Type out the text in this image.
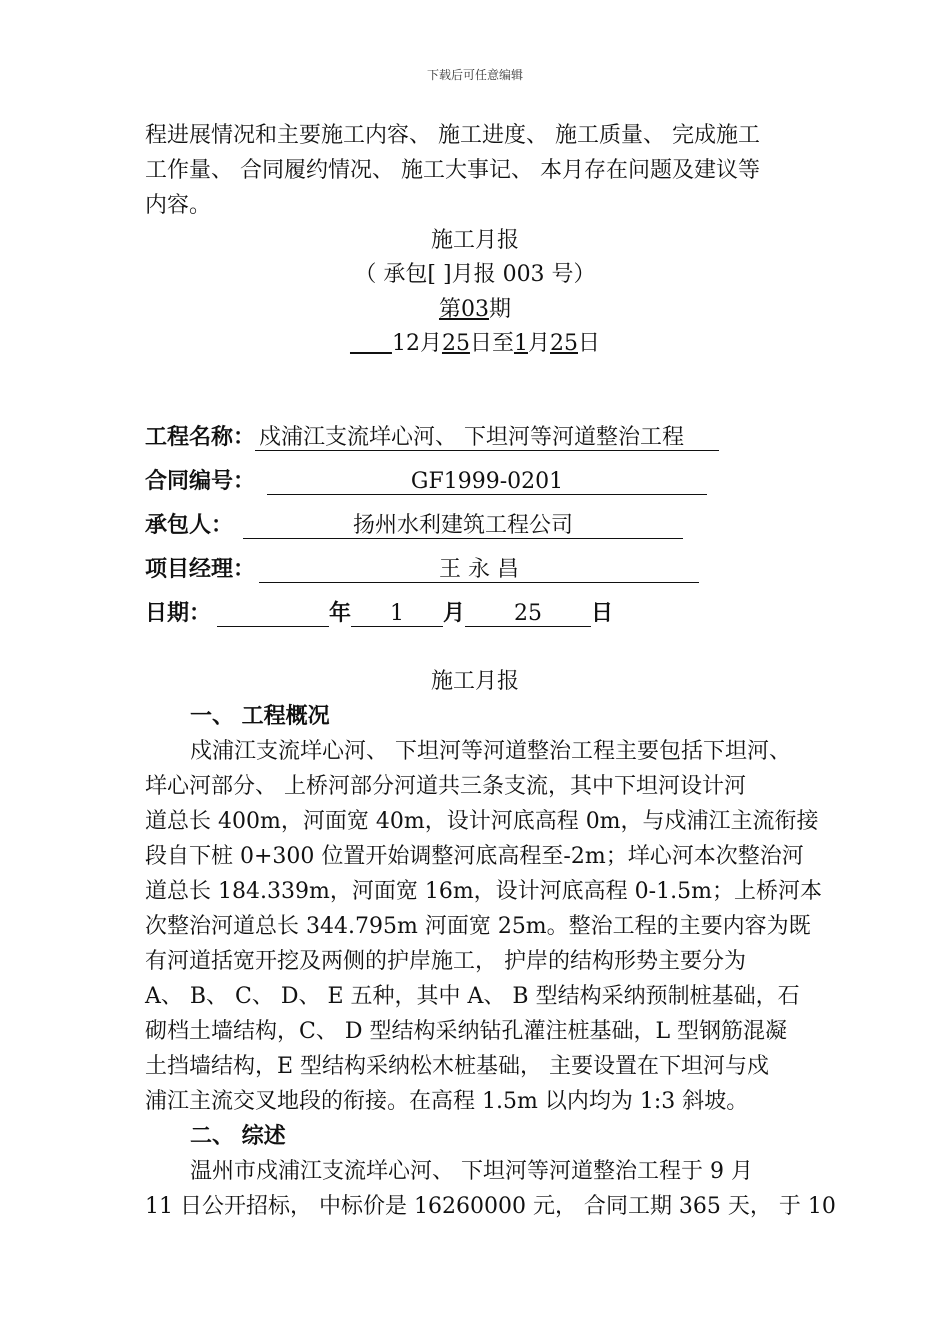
下载后可任意编辑
程进展情况和主要施工内容、 施工进度、 施工质量、 完成施工
工作量、 合同履约情况、 施工大事记、 本月存在问题及建议等
内容。
施工月报
（ 承包[ ]月报 003 号）
第03期
12月25日至1月25日
工程名称： 戍浦江支流垟心河、 下坦河等河道整治工程
合同编号：	GF1999-0201
承包人：	扬州水利建筑工程公司
项目经理：	王 永 昌
日期：	年 1 月 25 日
施工月报
一、 工程概况
戍浦江支流垟心河、 下坦河等河道整治工程主要包括下坦河、
垟心河部分、 上桥河部分河道共三条支流，其中下坦河设计河
道总长 400m，河面宽 40m，设计河底高程 0m，与戍浦江主流衔接
段自下桩 0+300 位置开始调整河底高程至-2m；垟心河本次整治河
道总长 184.339m，河面宽 16m，设计河底高程 0-1.5m；上桥河本
次整治河道总长 344.795m 河面宽 25m。整治工程的主要内容为既
有河道括宽开挖及两侧的护岸施工， 护岸的结构形势主要分为
A、 B、 C、 D、 E 五种，其中 A、 B 型结构采纳预制桩基础，石
砌档土墙结构，C、 D 型结构采纳钻孔灌注桩基础，L 型钢筋混凝
土挡墙结构，E 型结构采纳松木桩基础， 主要设置在下坦河与戍
浦江主流交叉地段的衔接。在高程 1.5m 以内均为 1:3 斜坡。
二、 综述
温州市戍浦江支流垟心河、 下坦河等河道整治工程于 9 月
11 日公开招标， 中标价是 16260000 元， 合同工期 365 天， 于 10
